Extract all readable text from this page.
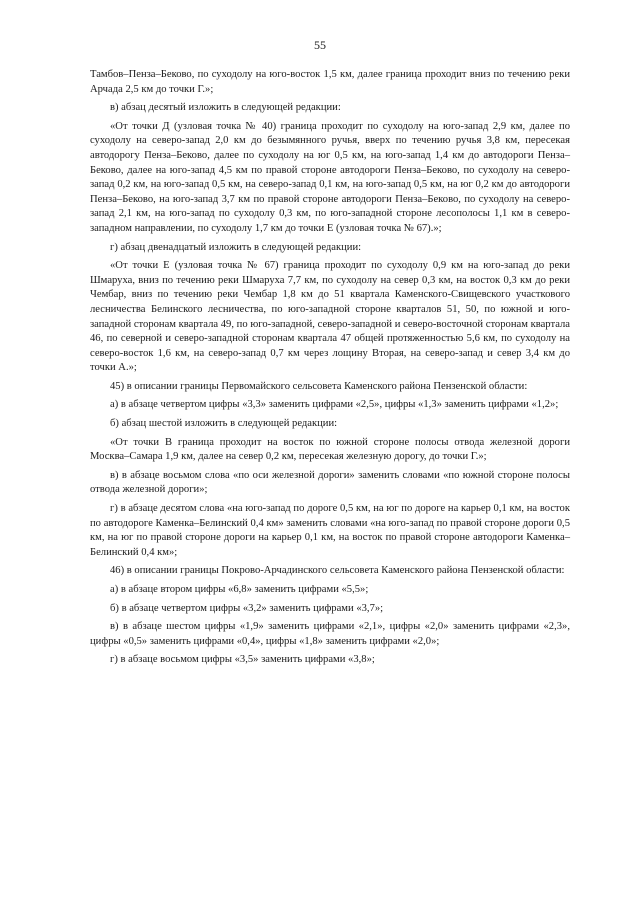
55

Тамбов–Пенза–Беково, по суходолу на юго-восток 1,5 км, далее граница проходит вниз по течению реки Арчада 2,5 км до точки Г.»;

в) абзац десятый изложить в следующей редакции:

«От точки Д (узловая точка № 40) граница проходит по суходолу на юго-запад 2,9 км, далее по суходолу на северо-запад 2,0 км до безымянного ручья, вверх по течению ручья 3,8 км, пересекая автодорогу Пенза–Беково, далее по суходолу на юг 0,5 км, на юго-запад 1,4 км до автодороги Пенза–Беково, далее на юго-запад 4,5 км по правой стороне автодороги Пенза–Беково, по суходолу на северо-запад 0,2 км, на юго-запад 0,5 км, на северо-запад 0,1 км, на юго-запад 0,5 км, на юг 0,2 км до автодороги Пенза–Беково, на юго-запад 3,7 км по правой стороне автодороги Пенза–Беково, по суходолу на северо-запад 2,1 км, на юго-запад по суходолу 0,3 км, по юго-западной стороне лесополосы 1,1 км в северо-западном направлении, по суходолу 1,7 км до точки Е (узловая точка № 67).»;

г) абзац двенадцатый изложить в следующей редакции:

«От точки Е (узловая точка № 67) граница проходит по суходолу 0,9 км на юго-запад до реки Шмаруха, вниз по течению реки Шмаруха 7,7 км, по суходолу на север 0,3 км, на восток 0,3 км до реки Чембар, вниз по течению реки Чембар 1,8 км до 51 квартала Каменского-Свищевского участкового лесничества Белинского лесничества, по юго-западной стороне кварталов 51, 50, по южной и юго-западной сторонам квартала 49, по юго-западной, северо-западной и северо-восточной сторонам квартала 46, по северной и северо-западной сторонам квартала 47 общей протяженностью 5,6 км, по суходолу на северо-восток 1,6 км, на северо-запад 0,7 км через лощину Вторая, на северо-запад и север 3,4 км до точки А.»;

45) в описании границы Первомайского сельсовета Каменского района Пензенской области:

а) в абзаце четвертом цифры «3,3» заменить цифрами «2,5», цифры «1,3» заменить цифрами «1,2»;

б) абзац шестой изложить в следующей редакции:

«От точки В граница проходит на восток по южной стороне полосы отвода железной дороги Москва–Самара 1,9 км, далее на север 0,2 км, пересекая железную дорогу, до точки Г.»;

в) в абзаце восьмом слова «по оси железной дороги» заменить словами «по южной стороне полосы отвода железной дороги»;

г) в абзаце десятом слова «на юго-запад по дороге 0,5 км, на юг по дороге на карьер 0,1 км, на восток по автодороге Каменка–Белинский 0,4 км» заменить словами «на юго-запад по правой стороне дороги 0,5 км, на юг по правой стороне дороги на карьер 0,1 км, на восток по правой стороне автодороги Каменка–Белинский 0,4 км»;

46) в описании границы Покрово-Арчадинского сельсовета Каменского района Пензенской области:

а) в абзаце втором цифры «6,8» заменить цифрами «5,5»;

б) в абзаце четвертом цифры «3,2» заменить цифрами «3,7»;

в) в абзаце шестом цифры «1,9» заменить цифрами «2,1», цифры «2,0» заменить цифрами «2,3», цифры «0,5» заменить цифрами «0,4», цифры «1,8» заменить цифрами «2,0»;

г) в абзаце восьмом цифры «3,5» заменить цифрами «3,8»;
